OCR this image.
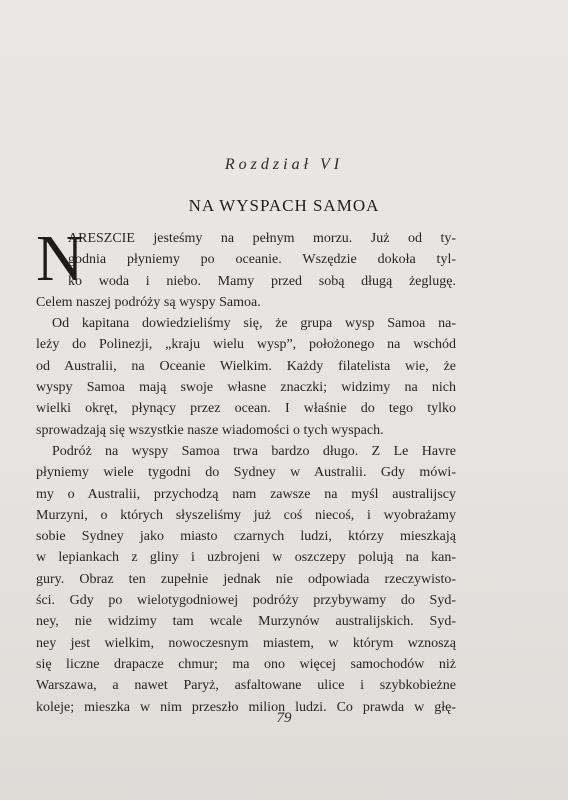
Rozdział VI
NA WYSPACH SAMOA
N
ARESZCIE jesteśmy na pełnym morzu. Już od ty-
godnia płyniemy po oceanie. Wszędzie dokoła tyl-
ko woda i niebo. Mamy przed sobą długą żeglugę.
Celem naszej podróży są wyspy Samoa.
Od kapitana dowiedzieliśmy się, że grupa wysp Samoa na-
leży do Polinezji, „kraju wielu wysp”, położonego na wschód
od Australii, na Oceanie Wielkim. Każdy filatelista wie, że
wyspy Samoa mają swoje własne znaczki; widzimy na nich
wielki okręt, płynący przez ocean. I właśnie do tego tylko
sprowadzają się wszystkie nasze wiadomości o tych wyspach.
Podróż na wyspy Samoa trwa bardzo długo. Z Le Havre
płyniemy wiele tygodni do Sydney w Australii. Gdy mówi-
my o Australii, przychodzą nam zawsze na myśl australijscy
Murzyni, o których słyszeliśmy już coś niecoś, i wyobrażamy
sobie Sydney jako miasto czarnych ludzi, którzy mieszkają
w lepiankach z gliny i uzbrojeni w oszczepy polują na kan-
gury. Obraz ten zupełnie jednak nie odpowiada rzeczywisto-
ści. Gdy po wielotygodniowej podróży przybywamy do Syd-
ney, nie widzimy tam wcale Murzynów australijskich. Syd-
ney jest wielkim, nowoczesnym miastem, w którym wznoszą
się liczne drapacze chmur; ma ono więcej samochodów niż
Warszawa, a nawet Paryż, asfaltowane ulice i szybkobieżne
koleje; mieszka w nim przeszło milion ludzi. Co prawda w głę-
79
